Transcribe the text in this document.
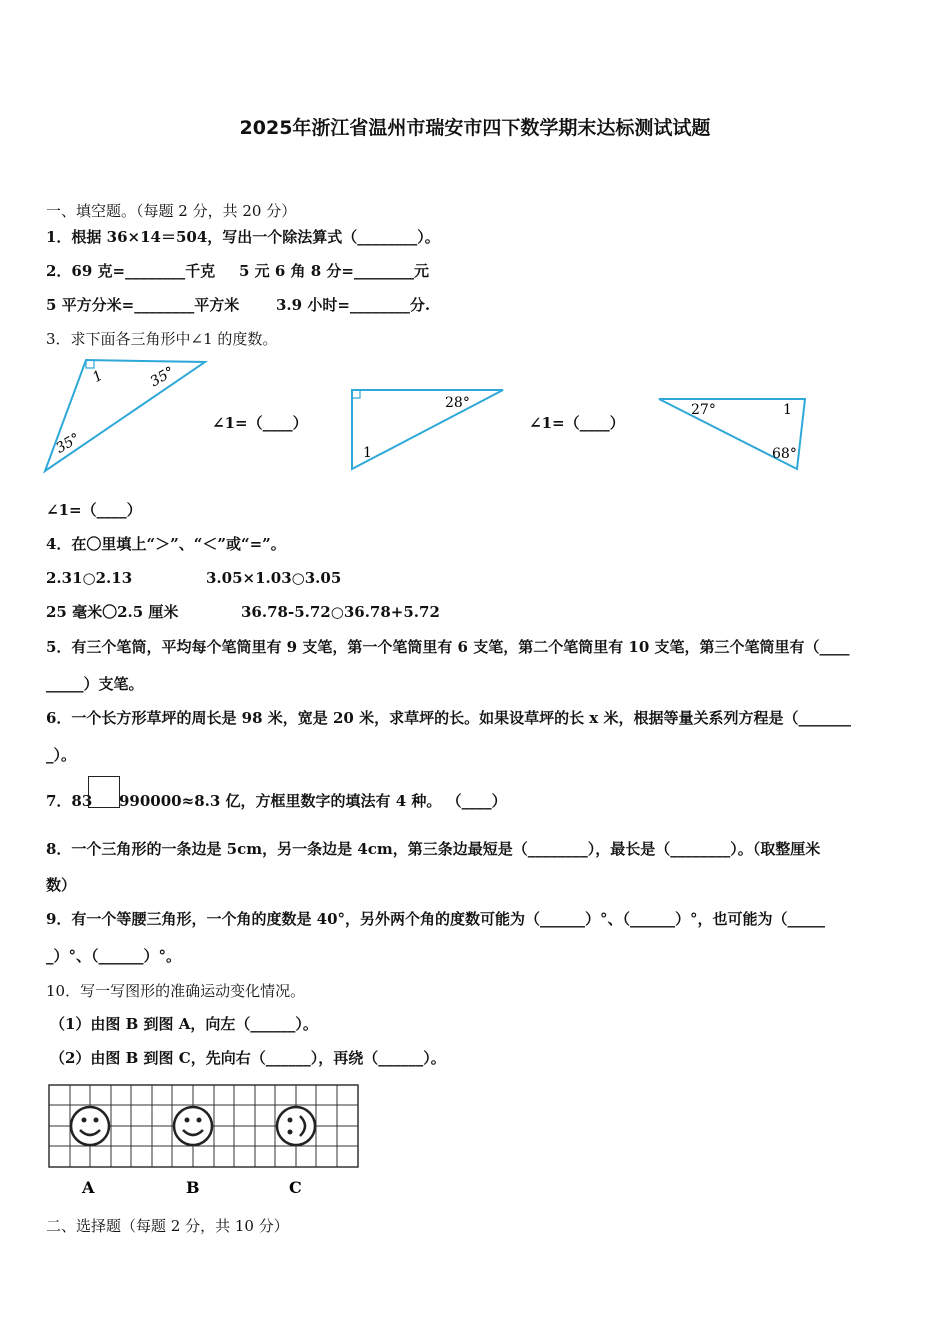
2025年浙江省温州市瑞安市四下数学期末达标测试试题
一、填空题。（每题 2 分，共 20 分）
1．根据 36×14＝504，写出一个除法算式（________）。
2．69 克=________千克 5 元 6 角 8 分=________元
5 平方分米=________平方米 3.9 小时=________分.
3．求下面各三角形中∠1 的度数。
1	35°
35°
∠1=（____）
28°
1
∠1=（____）
27°	1
68°
∠1=（____）
4．在〇里填上“＞”、“＜”或“=”。
2.31○2.13	3.05×1.03○3.05
25 毫米〇2.5 厘米	36.78-5.72○36.78+5.72
5．有三个笔筒，平均每个笔筒里有 9 支笔，第一个笔筒里有 6 支笔，第二个笔筒里有 10 支笔，第三个笔筒里有（____
_____）支笔。
6．一个长方形草坪的周长是 98 米，宽是 20 米，求草坪的长。如果设草坪的长 x 米，根据等量关系列方程是（_______
_）。
7．83 990000≈8.3 亿，方框里数字的填法有 4 种。 （____）
8．一个三角形的一条边是 5cm，另一条边是 4cm，第三条边最短是（________），最长是（________）。（取整厘米
数）
9．有一个等腰三角形，一个角的度数是 40°，另外两个角的度数可能为（______）°、（______）°，也可能为（_____
_）°、（______）°。
10．写一写图形的准确运动变化情况。
（1）由图 B 到图 A，向左（______）。
（2）由图 B 到图 C，先向右（______），再绕（______）。
A	B	C
二、选择题（每题 2 分，共 10 分）
